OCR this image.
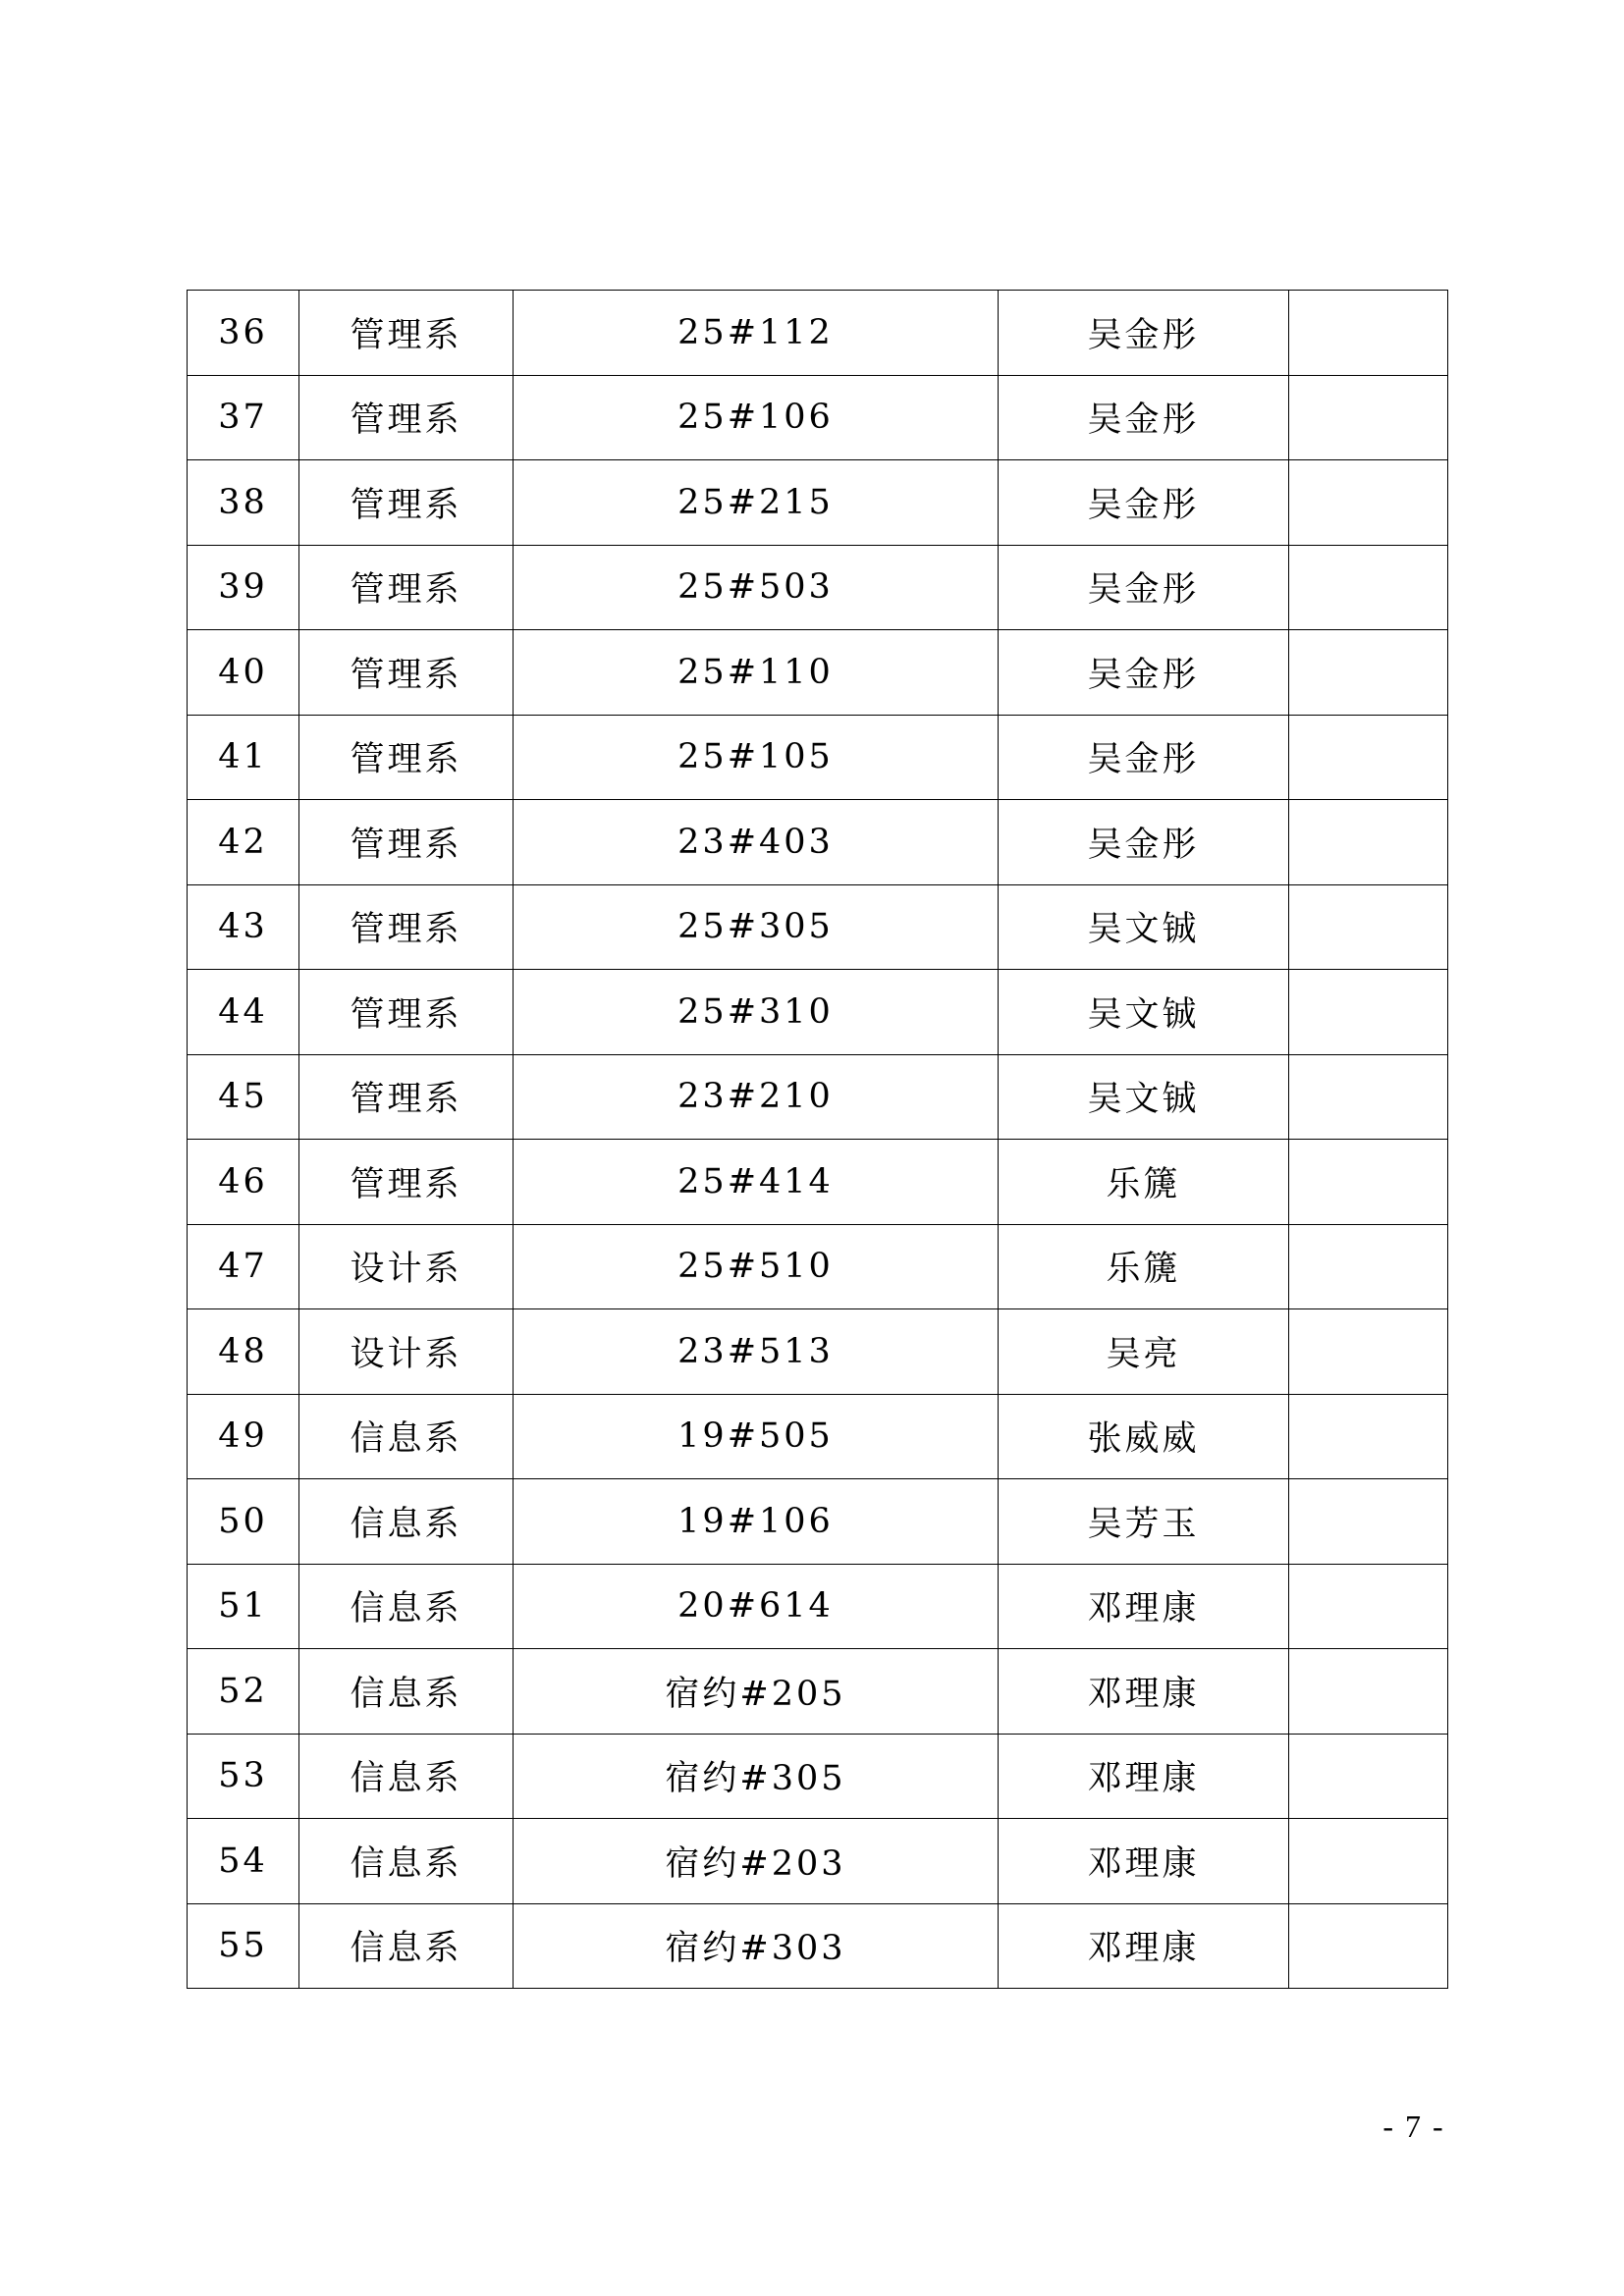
36	管理系	25#112	吴金彤	
37	管理系	25#106	吴金彤	
38	管理系	25#215	吴金彤	
39	管理系	25#503	吴金彤	
40	管理系	25#110	吴金彤	
41	管理系	25#105	吴金彤	
42	管理系	23#403	吴金彤	
43	管理系	25#305	吴文铖	
44	管理系	25#310	吴文铖	
45	管理系	23#210	吴文铖	
46	管理系	25#414	乐篪	
47	设计系	25#510	乐篪	
48	设计系	23#513	吴亮	
49	信息系	19#505	张威威	
50	信息系	19#106	吴芳玉	
51	信息系	20#614	邓理康	
52	信息系	宿约#205	邓理康	
53	信息系	宿约#305	邓理康	
54	信息系	宿约#203	邓理康	
55	信息系	宿约#303	邓理康	
- 7 -
